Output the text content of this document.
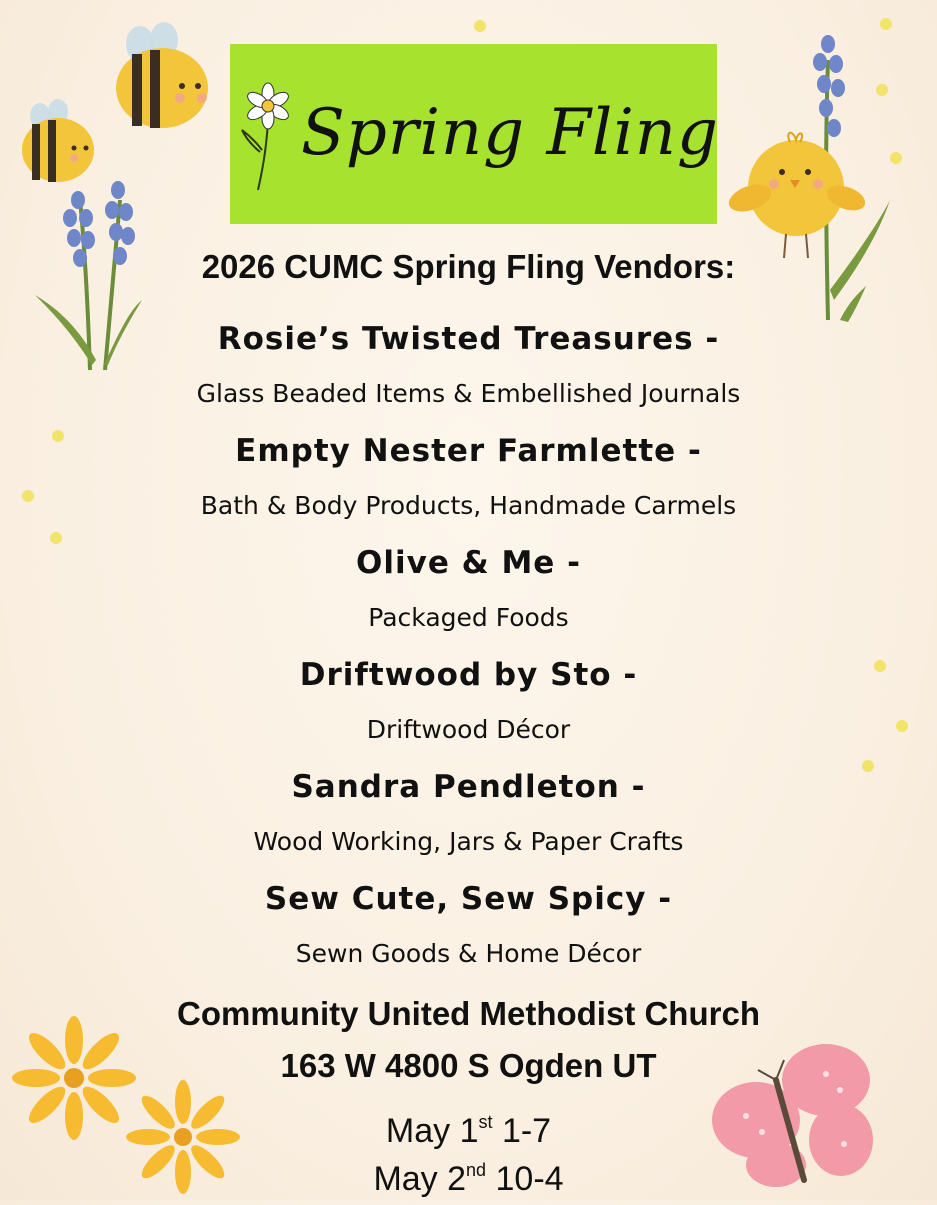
Spring Fling
2026 CUMC Spring Fling Vendors:
Rosie’s Twisted Treasures -
Glass Beaded Items & Embellished Journals
Empty Nester Farmlette -
Bath & Body Products, Handmade Carmels
Olive & Me -
Packaged Foods
Driftwood by Sto -
Driftwood Décor
Sandra Pendleton -
Wood Working, Jars & Paper Crafts
Sew Cute, Sew Spicy -
Sewn Goods & Home Décor
Community United Methodist Church
163 W 4800 S Ogden UT
May 1st 1-7
May 2nd 10-4
